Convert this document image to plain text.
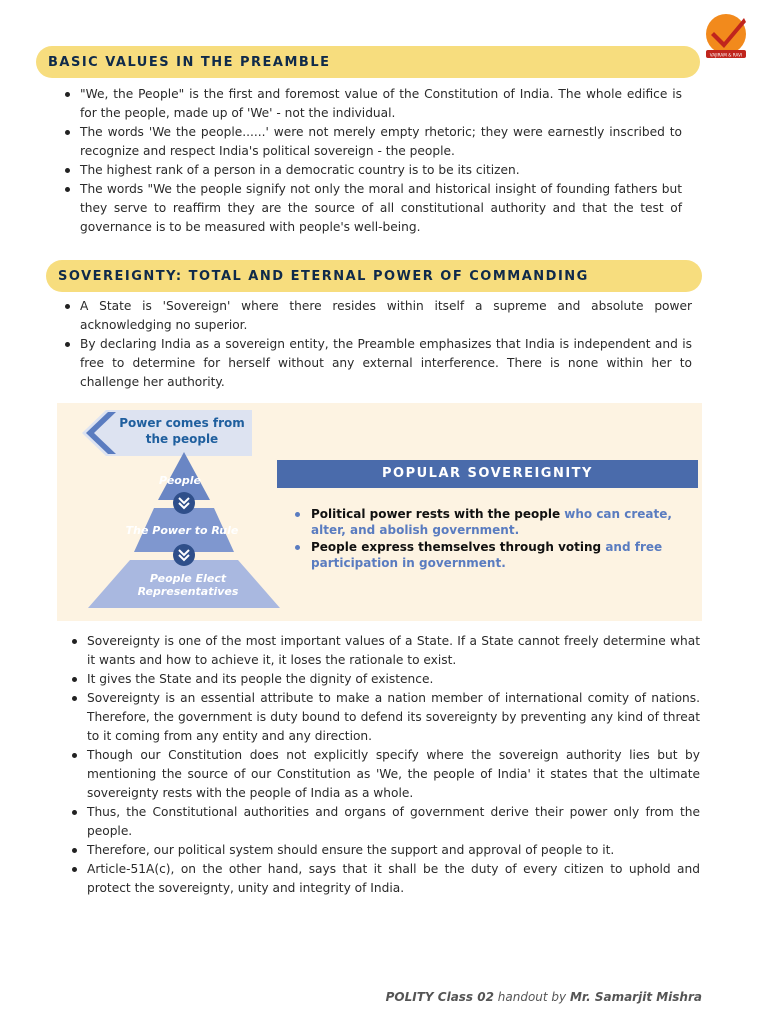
VAJIRAM & RAVI
BASIC VALUES IN THE PREAMBLE
"We, the People" is the first and foremost value of the Constitution of India. The whole edifice is for the people, made up of 'We' - not the individual.
The words 'We the people......' were not merely empty rhetoric; they were earnestly inscribed to recognize and respect India's political sovereign - the people.
The highest rank of a person in a democratic country is to be its citizen.
The words "We the people signify not only the moral and historical insight of founding fathers but they serve to reaffirm they are the source of all constitutional authority and that the test of governance is to be measured with people's well-being.
SOVEREIGNTY: TOTAL AND ETERNAL POWER OF COMMANDING
A State is 'Sovereign' where there resides within itself a supreme and absolute power acknowledging no superior.
By declaring India as a sovereign entity, the Preamble emphasizes that India is independent and is free to determine for herself without any external interference. There is none within her to challenge her authority.
Power comes from the people
People
The Power to Rule
People Elect Representatives
POPULAR SOVEREIGNITY
Political power rests with the people who can create, alter, and abolish government.
People express themselves through voting and free participation in government.
Sovereignty is one of the most important values of a State. If a State cannot freely determine what it wants and how to achieve it, it loses the rationale to exist.
It gives the State and its people the dignity of existence.
Sovereignty is an essential attribute to make a nation member of international comity of nations. Therefore, the government is duty bound to defend its sovereignty by preventing any kind of threat to it coming from any entity and any direction.
Though our Constitution does not explicitly specify where the sovereign authority lies but by mentioning the source of our Constitution as 'We, the people of India' it states that the ultimate sovereignty rests with the people of India as a whole.
Thus, the Constitutional authorities and organs of government derive their power only from the people.
Therefore, our political system should ensure the support and approval of people to it.
Article-51A(c), on the other hand, says that it shall be the duty of every citizen to uphold and protect the sovereignty, unity and integrity of India.
POLITY Class 02 handout by Mr. Samarjit Mishra
